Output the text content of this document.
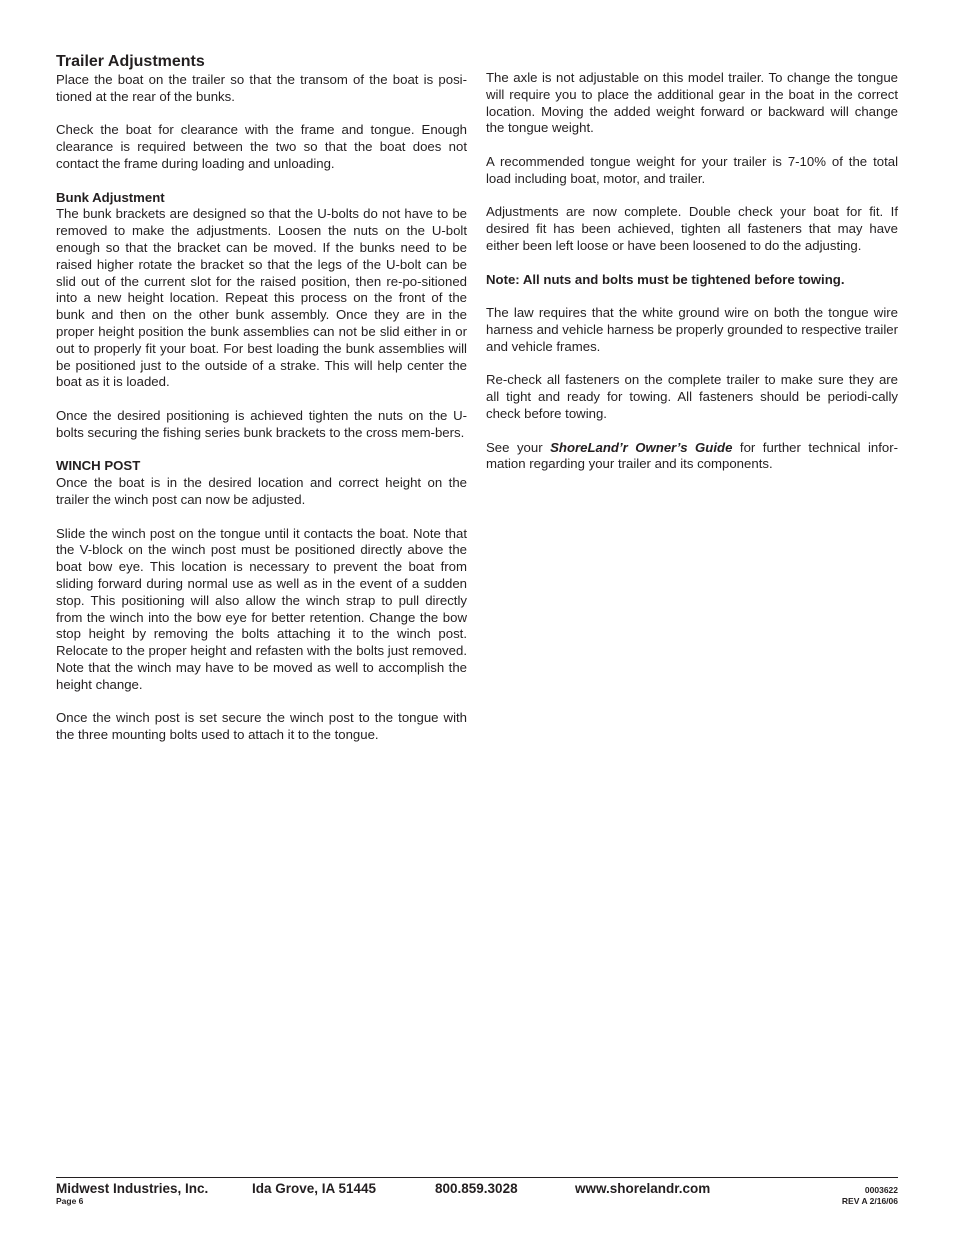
Trailer Adjustments

Place the boat on the trailer so that the transom of the boat is posi-tioned at the rear of the bunks.

Check the boat for clearance with the frame and tongue. Enough clearance is required between the two so that the boat does not contact the frame during loading and unloading.

Bunk Adjustment

The bunk brackets are designed so that the U-bolts do not have to be removed to make the adjustments. Loosen the nuts on the U-bolt enough so that the bracket can be moved. If the bunks need to be raised higher rotate the bracket so that the legs of the U-bolt can be slid out of the current slot for the raised position, then re-po-sitioned into a new height location. Repeat this process on the front of the bunk and then on the other bunk assembly. Once they are in the proper height position the bunk assemblies can not be slid either in or out to properly fit your boat. For best loading the bunk assemblies will be positioned just to the outside of a strake. This will help center the boat as it is loaded.

Once the desired positioning is achieved tighten the nuts on the U-bolts securing the fishing series bunk brackets to the cross mem-bers.

WINCH POST

Once the boat is in the desired location and correct height on the trailer the winch post can now be adjusted.

Slide the winch post on the tongue until it contacts the boat. Note that the V-block on the winch post must be positioned directly above the boat bow eye. This location is necessary to prevent the boat from sliding forward during normal use as well as in the event of a sudden stop. This positioning will also allow the winch strap to pull directly from the winch into the bow eye for better retention. Change the bow stop height by removing the bolts attaching it to the winch post. Relocate to the proper height and refasten with the bolts just removed. Note that the winch may have to be moved as well to accomplish the height change.

Once the winch post is set secure the winch post to the tongue with the three mounting bolts used to attach it to the tongue.

The axle is not adjustable on this model trailer. To change the tongue will require you to place the additional gear in the boat in the correct location. Moving the added weight forward or backward will change the tongue weight.

A recommended tongue weight for your trailer is 7-10% of the total load including boat, motor, and trailer.

Adjustments are now complete. Double check your boat for fit. If desired fit has been achieved, tighten all fasteners that may have either been left loose or have been loosened to do the adjusting.

Note: All nuts and bolts must be tightened before towing.

The law requires that the white ground wire on both the tongue wire harness and vehicle harness be properly grounded to respective trailer and vehicle frames.

Re-check all fasteners on the complete trailer to make sure they are all tight and ready for towing. All fasteners should be periodi-cally check before towing.

See your ShoreLand’r Owner’s Guide for further technical infor-mation regarding your trailer and its components.

Midwest Industries, Inc.	Ida Grove, IA 51445	800.859.3028	www.shorelandr.com
Page 6
0003622
REV A 2/16/06
